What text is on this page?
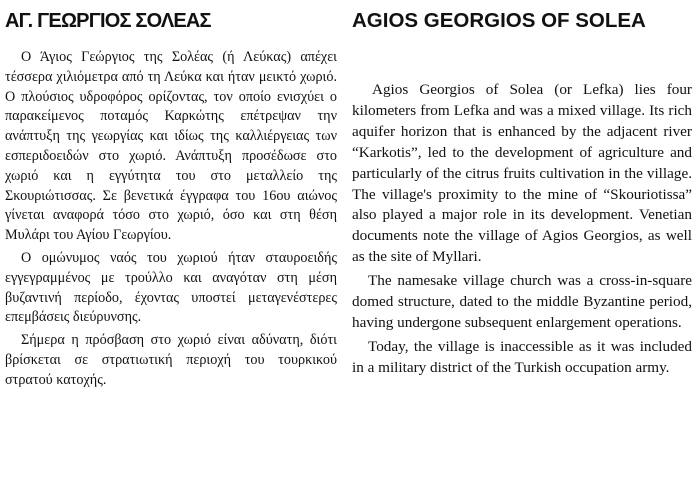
ΑΓ. ΓΕΩΡΓΙΟΣ ΣΟΛΕΑΣ

Ο Άγιος Γεώργιος της Σολέας (ή Λεύκας) απέχει τέσσερα χιλιόμετρα από τη Λεύκα και ήταν μεικτό χωριό. Ο πλούσιος υδροφόρος ορίζοντας, τον οποίο ενισχύει ο παρακείμενος ποταμός Καρκώτης επέτρεψαν την ανάπτυξη της γεωργίας και ιδίως της καλλιέργειας των εσπεριδοειδών στο χωριό. Ανάπτυξη προσέδωσε στο χωριό και η εγγύτητα του στο μεταλλείο της Σκουριώτισσας. Σε βενετικά έγγραφα του 16ου αιώνος γίνεται αναφορά τόσο στο χωριό, όσο και στη θέση Μυλάρι του Αγίου Γεωργίου.

Ο ομώνυμος ναός του χωριού ήταν σταυροειδής εγγεγραμμένος με τρούλλο και αναγόταν στη μέση βυζαντινή περίοδο, έχοντας υποστεί μεταγενέστερες επεμβάσεις διεύρυνσης.

Σήμερα η πρόσβαση στο χωριό είναι αδύνατη, διότι βρίσκεται σε στρατιωτική περιοχή του τουρκικού στρατού κατοχής.

AGIOS GEORGIOS OF SOLEA

Agios Georgios of Solea (or Lefka) lies four kilometers from Lefka and was a mixed village. Its rich aquifer horizon that is enhanced by the adjacent river “Karkotis”, led to the development of agriculture and particularly of the citrus fruits cultivation in the village. The village's proximity to the mine of “Skouriotissa” also played a major role in its development. Venetian documents note the village of Agios Georgios, as well as the site of Myllari.

The namesake village church was a cross-in-square domed structure, dated to the middle Byzantine period, having undergone subsequent enlargement operations.

Today, the village is inaccessible as it was included in a military district of the Turkish occupation army.
